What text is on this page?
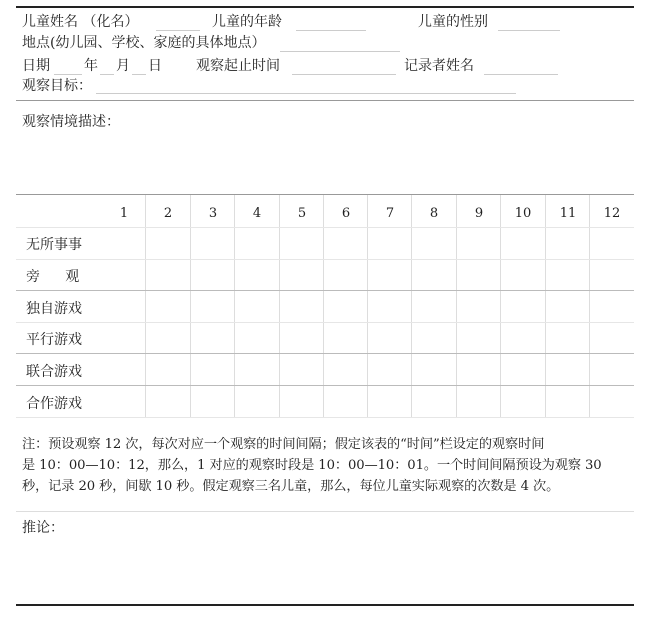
儿童姓名 （化名）	儿童的年龄	儿童的性别
地点(幼儿园、学校、家庭的具体地点）
日期 年 月 日 观察起止时间	记录者姓名
观察目标：
观察情境描述：
1	2	3	4	5	6	7	8	9	10	11	12
无所事事
旁观
独自游戏
平行游戏
联合游戏
合作游戏

注：预设观察 12 次，每次对应一个观察的时间间隔；假定该表的“时间”栏设定的观察时间

是 10：00—10：12，那么，1 对应的观察时段是 10：00—10：01。一个时间间隔预设为观察 30

秒，记录 20 秒，间歇 10 秒。假定观察三名儿童，那么，每位儿童实际观察的次数是 4 次。

推论：
